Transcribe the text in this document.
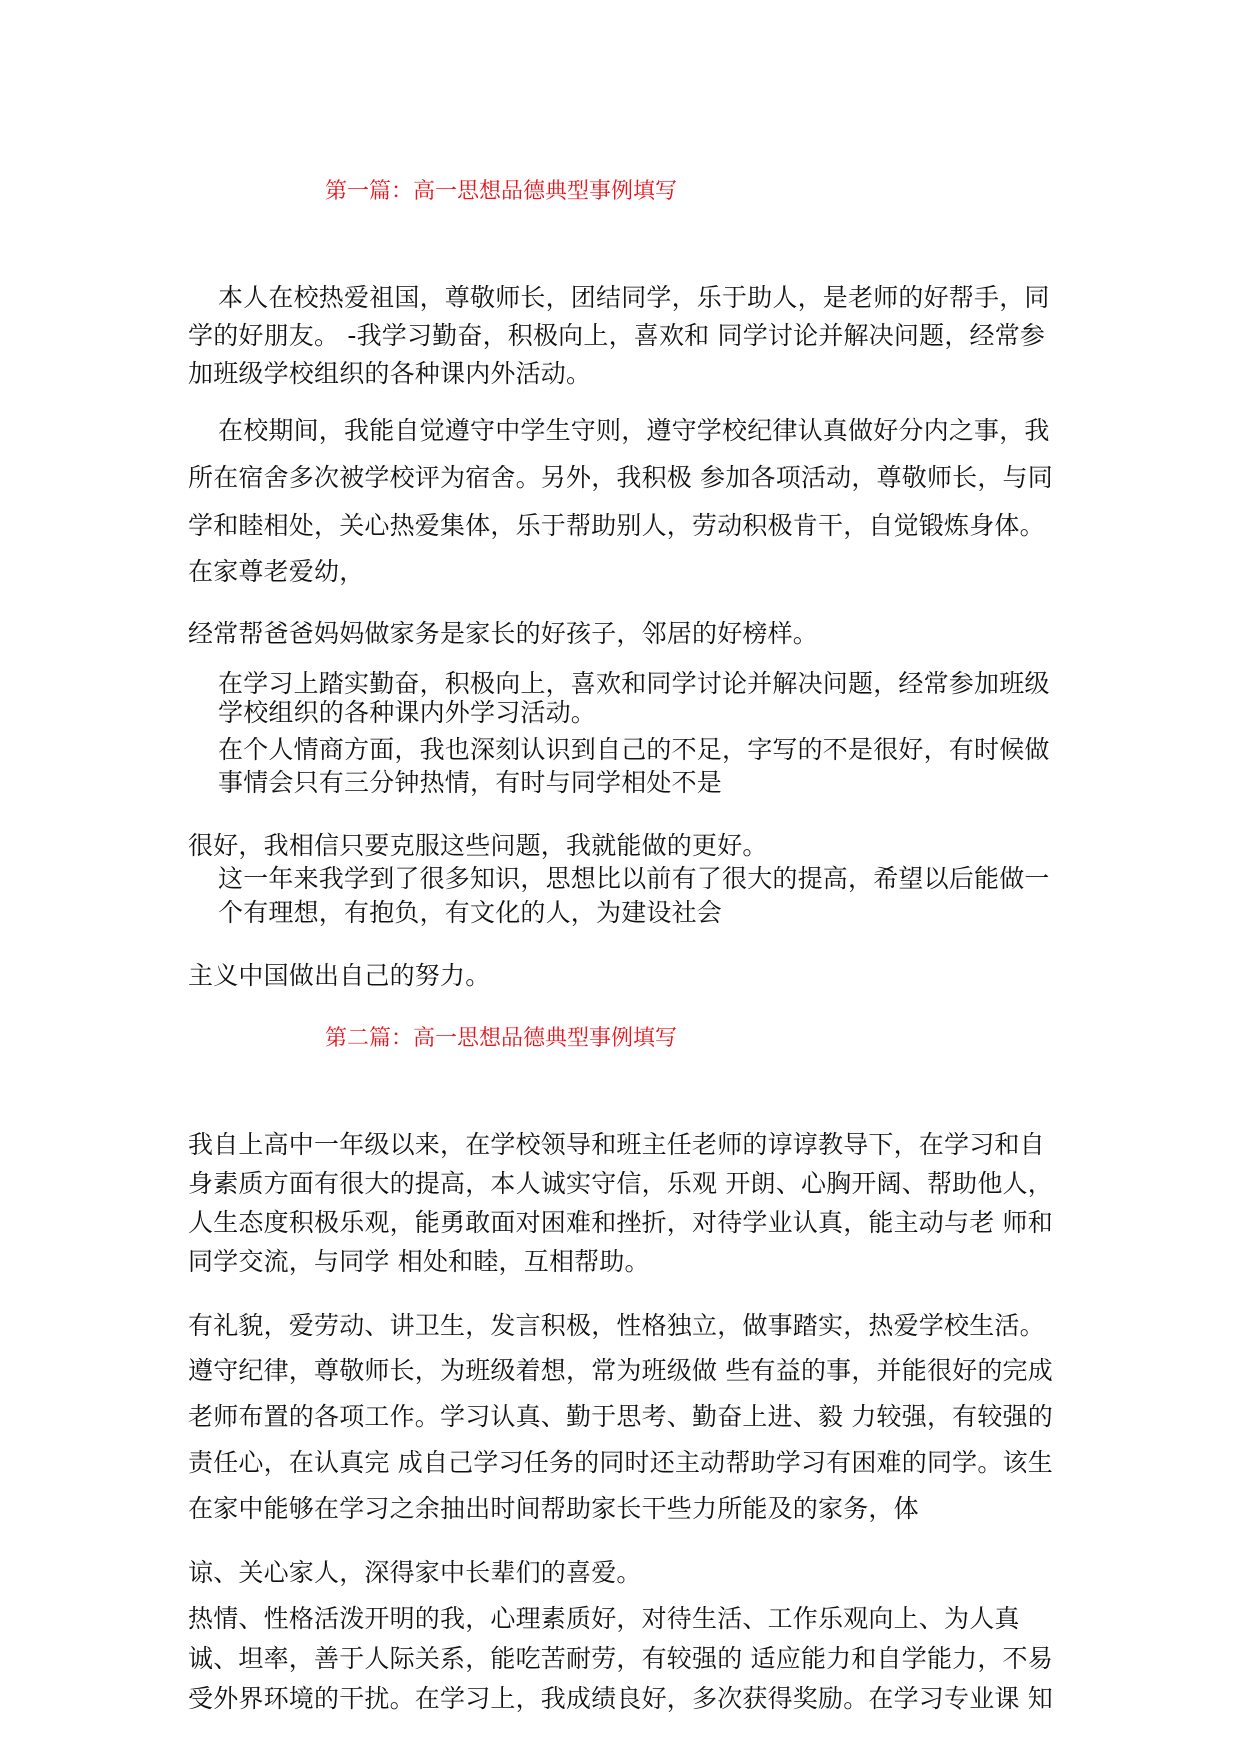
第一篇：高一思想品德典型事例填写
本人在校热爱祖国，尊敬师长，团结同学，乐于助人，是老师的好帮手，同
学的好朋友。 -我学习勤奋，积极向上，喜欢和 同学讨论并解决问题，经常参
加班级学校组织的各种课内外活动。
在校期间，我能自觉遵守中学生守则，遵守学校纪律认真做好分内之事，我
所在宿舍多次被学校评为宿舍。另外，我积极 参加各项活动，尊敬师长，与同
学和睦相处，关心热爱集体，乐于帮助别人，劳动积极肯干，自觉锻炼身体。
在家尊老爱幼，
经常帮爸爸妈妈做家务是家长的好孩子，邻居的好榜样。
在学习上踏实勤奋，积极向上，喜欢和同学讨论并解决问题，经常参加班级
学校组织的各种课内外学习活动。
在个人情商方面，我也深刻认识到自己的不足，字写的不是很好，有时候做
事情会只有三分钟热情，有时与同学相处不是
很好，我相信只要克服这些问题，我就能做的更好。
这一年来我学到了很多知识，思想比以前有了很大的提高，希望以后能做一
个有理想，有抱负，有文化的人，为建设社会
主义中国做出自己的努力。
第二篇：高一思想品德典型事例填写
我自上高中一年级以来，在学校领导和班主任老师的谆谆教导下，在学习和自
身素质方面有很大的提高，本人诚实守信，乐观 开朗、心胸开阔、帮助他人，
人生态度积极乐观，能勇敢面对困难和挫折，对待学业认真，能主动与老 师和
同学交流，与同学 相处和睦，互相帮助。
有礼貌，爱劳动、讲卫生，发言积极，性格独立，做事踏实，热爱学校生活。
遵守纪律，尊敬师长，为班级着想，常为班级做 些有益的事，并能很好的完成
老师布置的各项工作。学习认真、勤于思考、勤奋上进、毅 力较强，有较强的
责任心，在认真完 成自己学习任务的同时还主动帮助学习有困难的同学。该生
在家中能够在学习之余抽出时间帮助家长干些力所能及的家务，体
谅、关心家人，深得家中长辈们的喜爱。
热情、性格活泼开明的我，心理素质好，对待生活、工作乐观向上、为人真
诚、坦率，善于人际关系，能吃苦耐劳，有较强的 适应能力和自学能力，不易
受外界环境的干扰。在学习上，我成绩良好，多次获得奖励。在学习专业课 知
